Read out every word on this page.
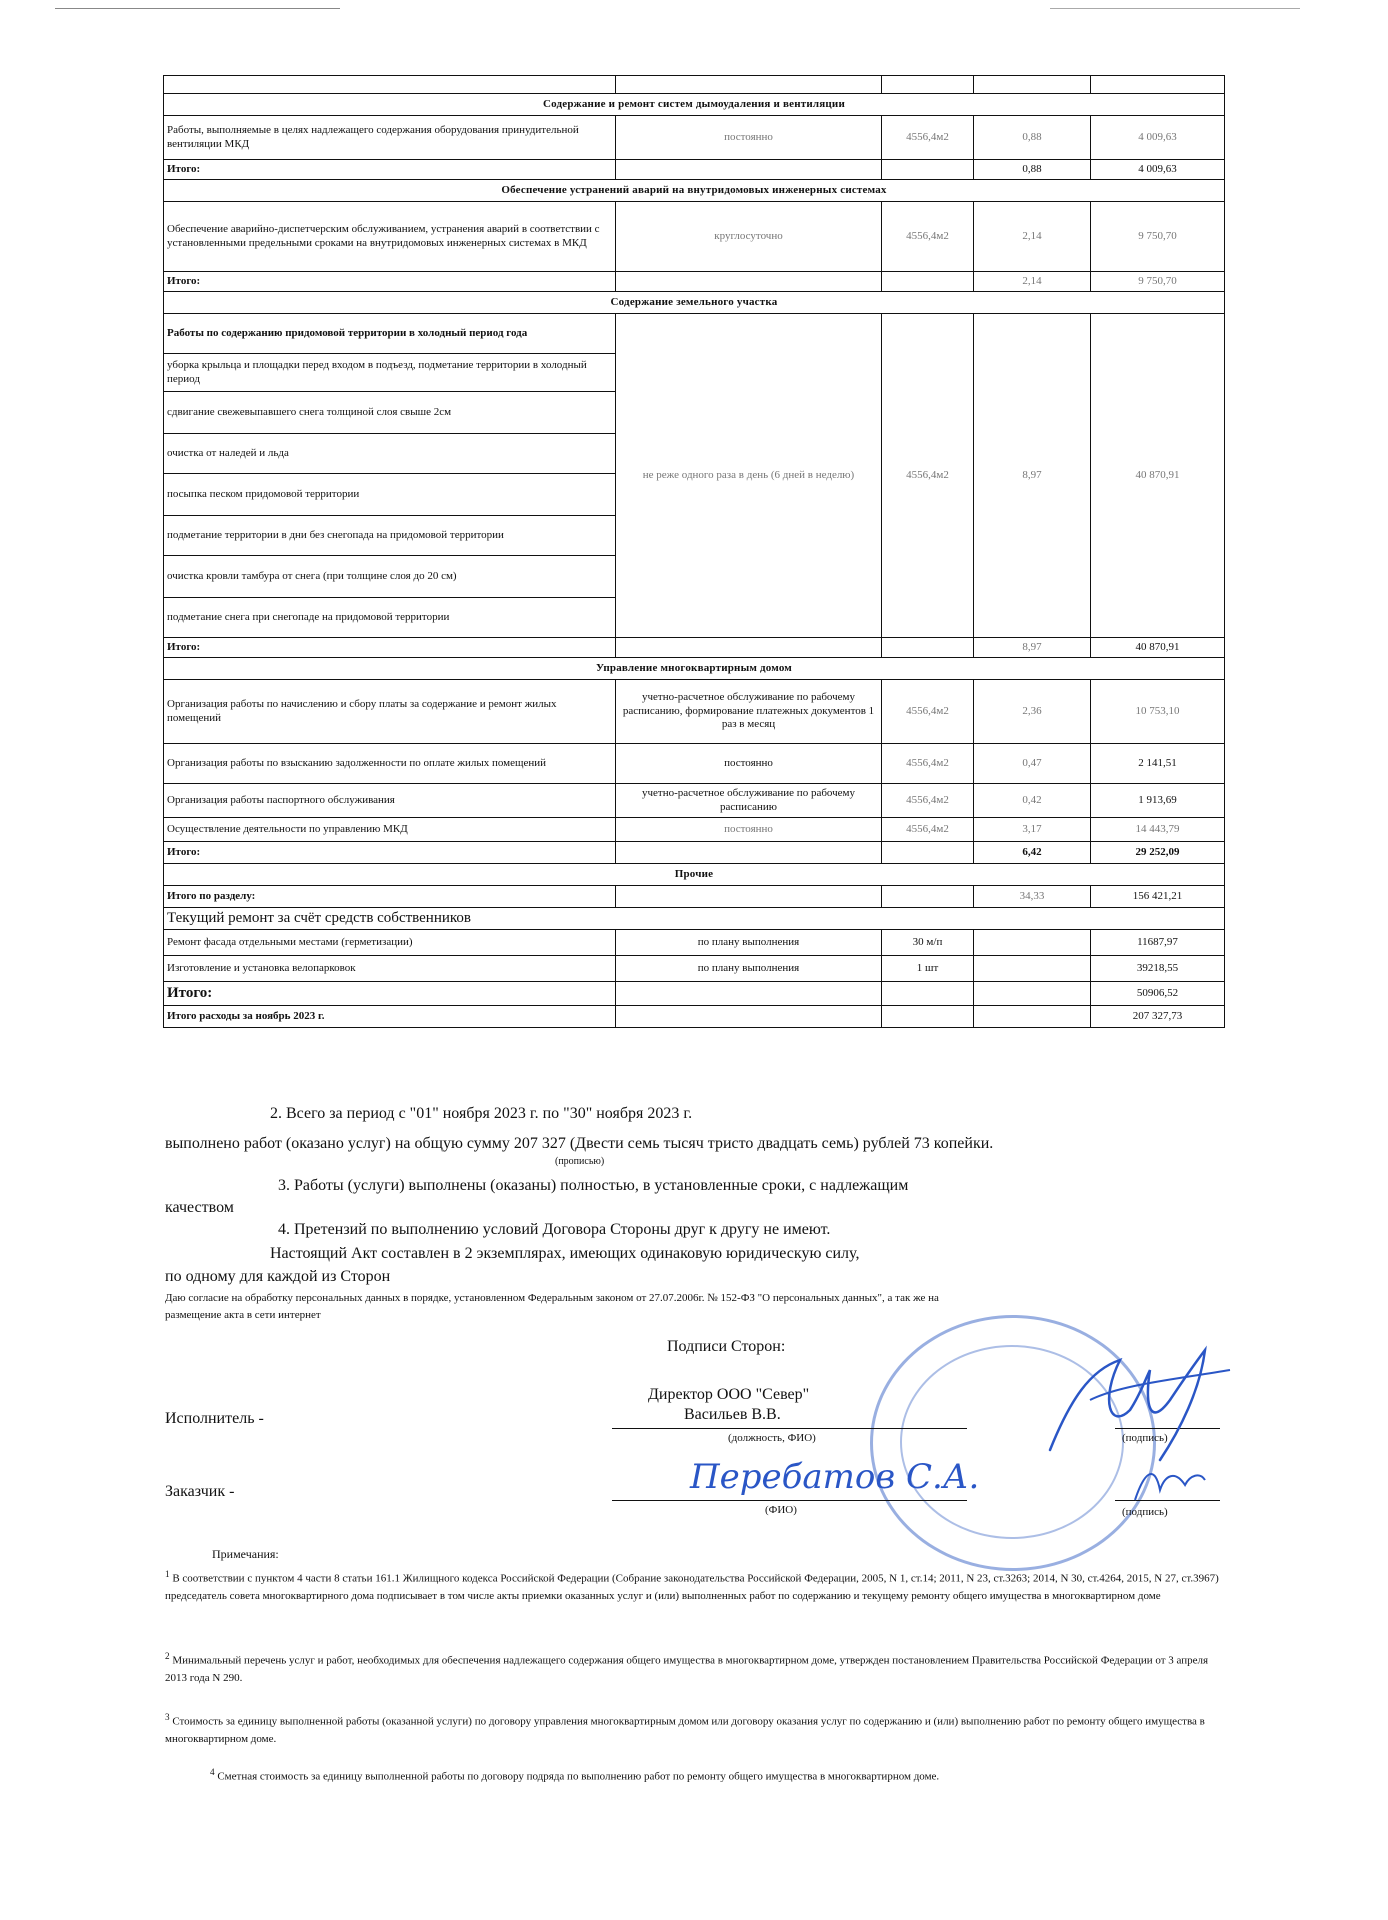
Содержание и ремонт систем дымоудаления и вентиляции				
Работы, выполняемые в целях надлежащего содержания оборудования принудительной вентиляции МКД	постоянно	4556,4м2	0,88	4 009,63
Итого:			0,88	4 009,63
Обеспечение устранений аварий на внутридомовых инженерных системах				
Обеспечение аварийно-диспетчерским обслуживанием, устранения аварий в соответствии с установленными предельными сроками на внутридомовых инженерных системах в МКД	круглосуточно	4556,4м2	2,14	9 750,70
Итого:			2,14	9 750,70
Содержание земельного участка				
Работы по содержанию придомовой территории в холодный период года	не реже одного раза в день (6 дней в неделю)	4556,4м2	8,97	40 870,91
уборка крыльца и площадки перед входом в подъезд, подметание территории в холодный период				
сдвигание свежевыпавшего снега толщиной слоя свыше 2см				
очистка от наледей и льда				
посыпка песком придомовой территории				
подметание территории в дни без снегопада на придомовой территории				
очистка кровли тамбура от снега (при толщине слоя до 20 см)				
подметание снега при снегопаде на придомовой территории				
Итого:			8,97	40 870,91
Управление многоквартирным домом				
Организация работы по начислению и сбору платы за содержание и ремонт жилых помещений	учетно-расчетное обслуживание по рабочему расписанию, формирование платежных документов 1 раз в месяц	4556,4м2	2,36	10 753,10
Организация работы по взысканию задолженности по оплате жилых помещений	постоянно	4556,4м2	0,47	2 141,51
Организация работы паспортного обслуживания	учетно-расчетное обслуживание по рабочему расписанию	4556,4м2	0,42	1 913,69
Осуществление деятельности по управлению МКД	постоянно	4556,4м2	3,17	14 443,79
Итого:			6,42	29 252,09
Прочие				
Итого по разделу:			34,33	156 421,21
Текущий ремонт за счёт средств собственников				
Ремонт фасада отдельными местами (герметизации)	по плану выполнения	30 м/п		11687,97
Изготовление и установка велопарковок	по плану выполнения	1 шт		39218,55
Итого:				50906,52
Итого расходы за ноябрь 2023 г.				207 327,73
2. Всего за период с "01" ноября 2023 г. по "30" ноября 2023 г.
выполнено работ (оказано услуг) на общую сумму 207 327 (Двести семь тысяч тристо двадцать семь) рублей 73 копейки.
(прописью)
3. Работы (услуги) выполнены (оказаны) полностью, в установленные сроки, с надлежащим
качеством
4. Претензий по выполнению условий Договора Стороны друг к другу не имеют.
Настоящий Акт составлен в 2 экземплярах, имеющих одинаковую юридическую силу,
по одному для каждой из Сторон
Даю согласие на обработку персональных данных в порядке, установленном Федеральным законом от 27.07.2006г. № 152-ФЗ "О персональных данных", а так же на
размещение акта в сети интернет
Подписи Сторон:
Директор ООО "Север"
Исполнитель -	Васильев В.В.
(должность, ФИО)	(подпись)
Заказчик -	Перебатов С.А.
(ФИО)	(подпись)
Примечания:
$^1$ В соответствии с пунктом 4 части 8 статьи 161.1 Жилищного кодекса Российской Федерации (Собрание законодательства Российской Федерации, 2005, N 1, ст.14; 2011, N 23, ст.3263; 2014, N 30, ст.4264, 2015, N 27, ст.3967) председатель совета многоквартирного дома подписывает в том числе акты приемки оказанных услуг и (или) выполненных работ по содержанию и текущему ремонту общего имущества в многоквартирном доме
$^2$ Минимальный перечень услуг и работ, необходимых для обеспечения надлежащего содержания общего имущества в многоквартирном доме, утвержден постановлением Правительства Российской Федерации от 3 апреля 2013 года N 290.
$^3$ Стоимость за единицу выполненной работы (оказанной услуги) по договору управления многоквартирным домом или договору оказания услуг по содержанию и (или) выполнению работ по ремонту общего имущества в многоквартирном доме.
$^4$ Сметная стоимость за единицу выполненной работы по договору подряда по выполнению работ по ремонту общего имущества в многоквартирном доме.
